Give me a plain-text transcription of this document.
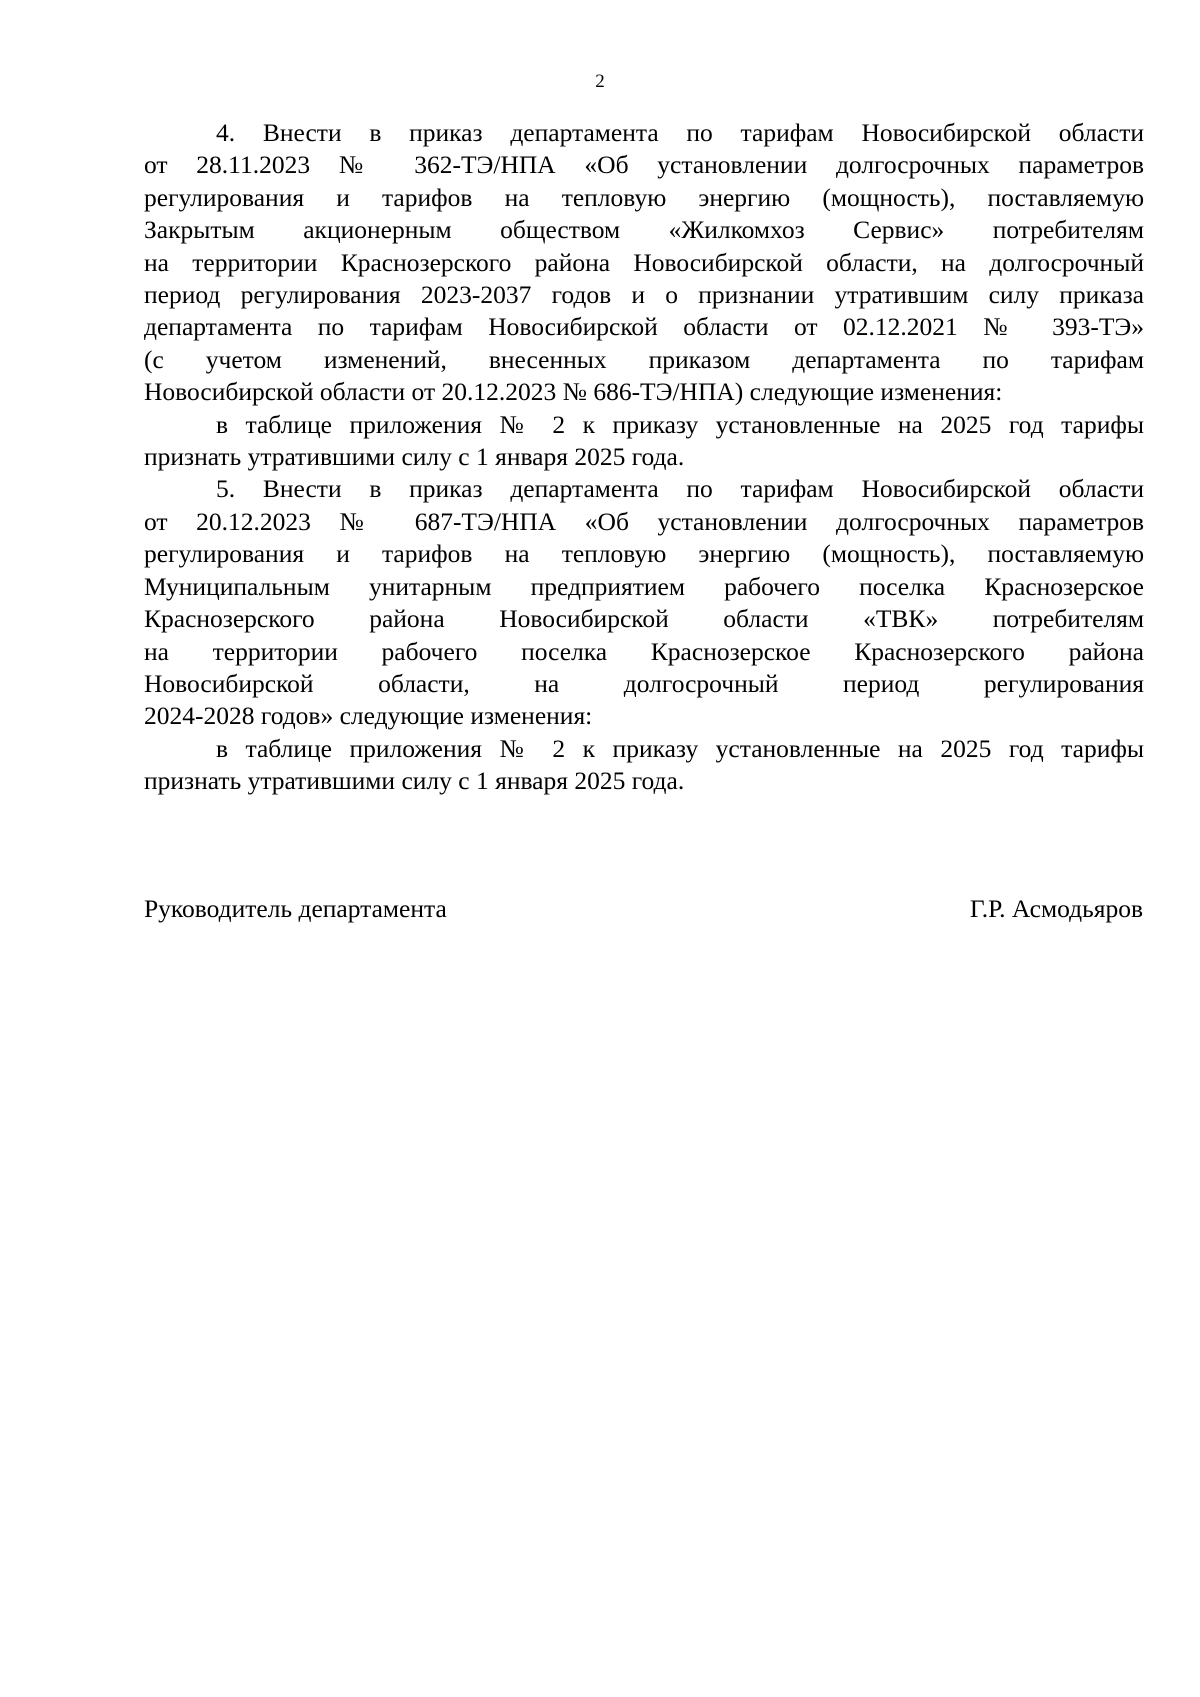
2
4. Внести в приказ департамента по тарифам Новосибирской области
от 28.11.2023 № 362-ТЭ/НПА «Об установлении долгосрочных параметров
регулирования и тарифов на тепловую энергию (мощность), поставляемую
Закрытым акционерным обществом «Жилкомхоз Сервис» потребителям
на территории Краснозерского района Новосибирской области, на долгосрочный
период регулирования 2023-2037 годов и о признании утратившим силу приказа
департамента по тарифам Новосибирской области от 02.12.2021 № 393-ТЭ»
(с учетом изменений, внесенных приказом департамента по тарифам
Новосибирской области от 20.12.2023 № 686-ТЭ/НПА) следующие изменения:
в таблице приложения № 2 к приказу установленные на 2025 год тарифы
признать утратившими силу с 1 января 2025 года.
5. Внести в приказ департамента по тарифам Новосибирской области
от 20.12.2023 № 687-ТЭ/НПА «Об установлении долгосрочных параметров
регулирования и тарифов на тепловую энергию (мощность), поставляемую
Муниципальным унитарным предприятием рабочего поселка Краснозерское
Краснозерского района Новосибирской области «ТВК» потребителям
на территории рабочего поселка Краснозерское Краснозерского района
Новосибирской области, на долгосрочный период регулирования
2024-2028 годов» следующие изменения:
в таблице приложения № 2 к приказу установленные на 2025 год тарифы
признать утратившими силу с 1 января 2025 года.
Руководитель департамента	Г.Р. Асмодьяров
